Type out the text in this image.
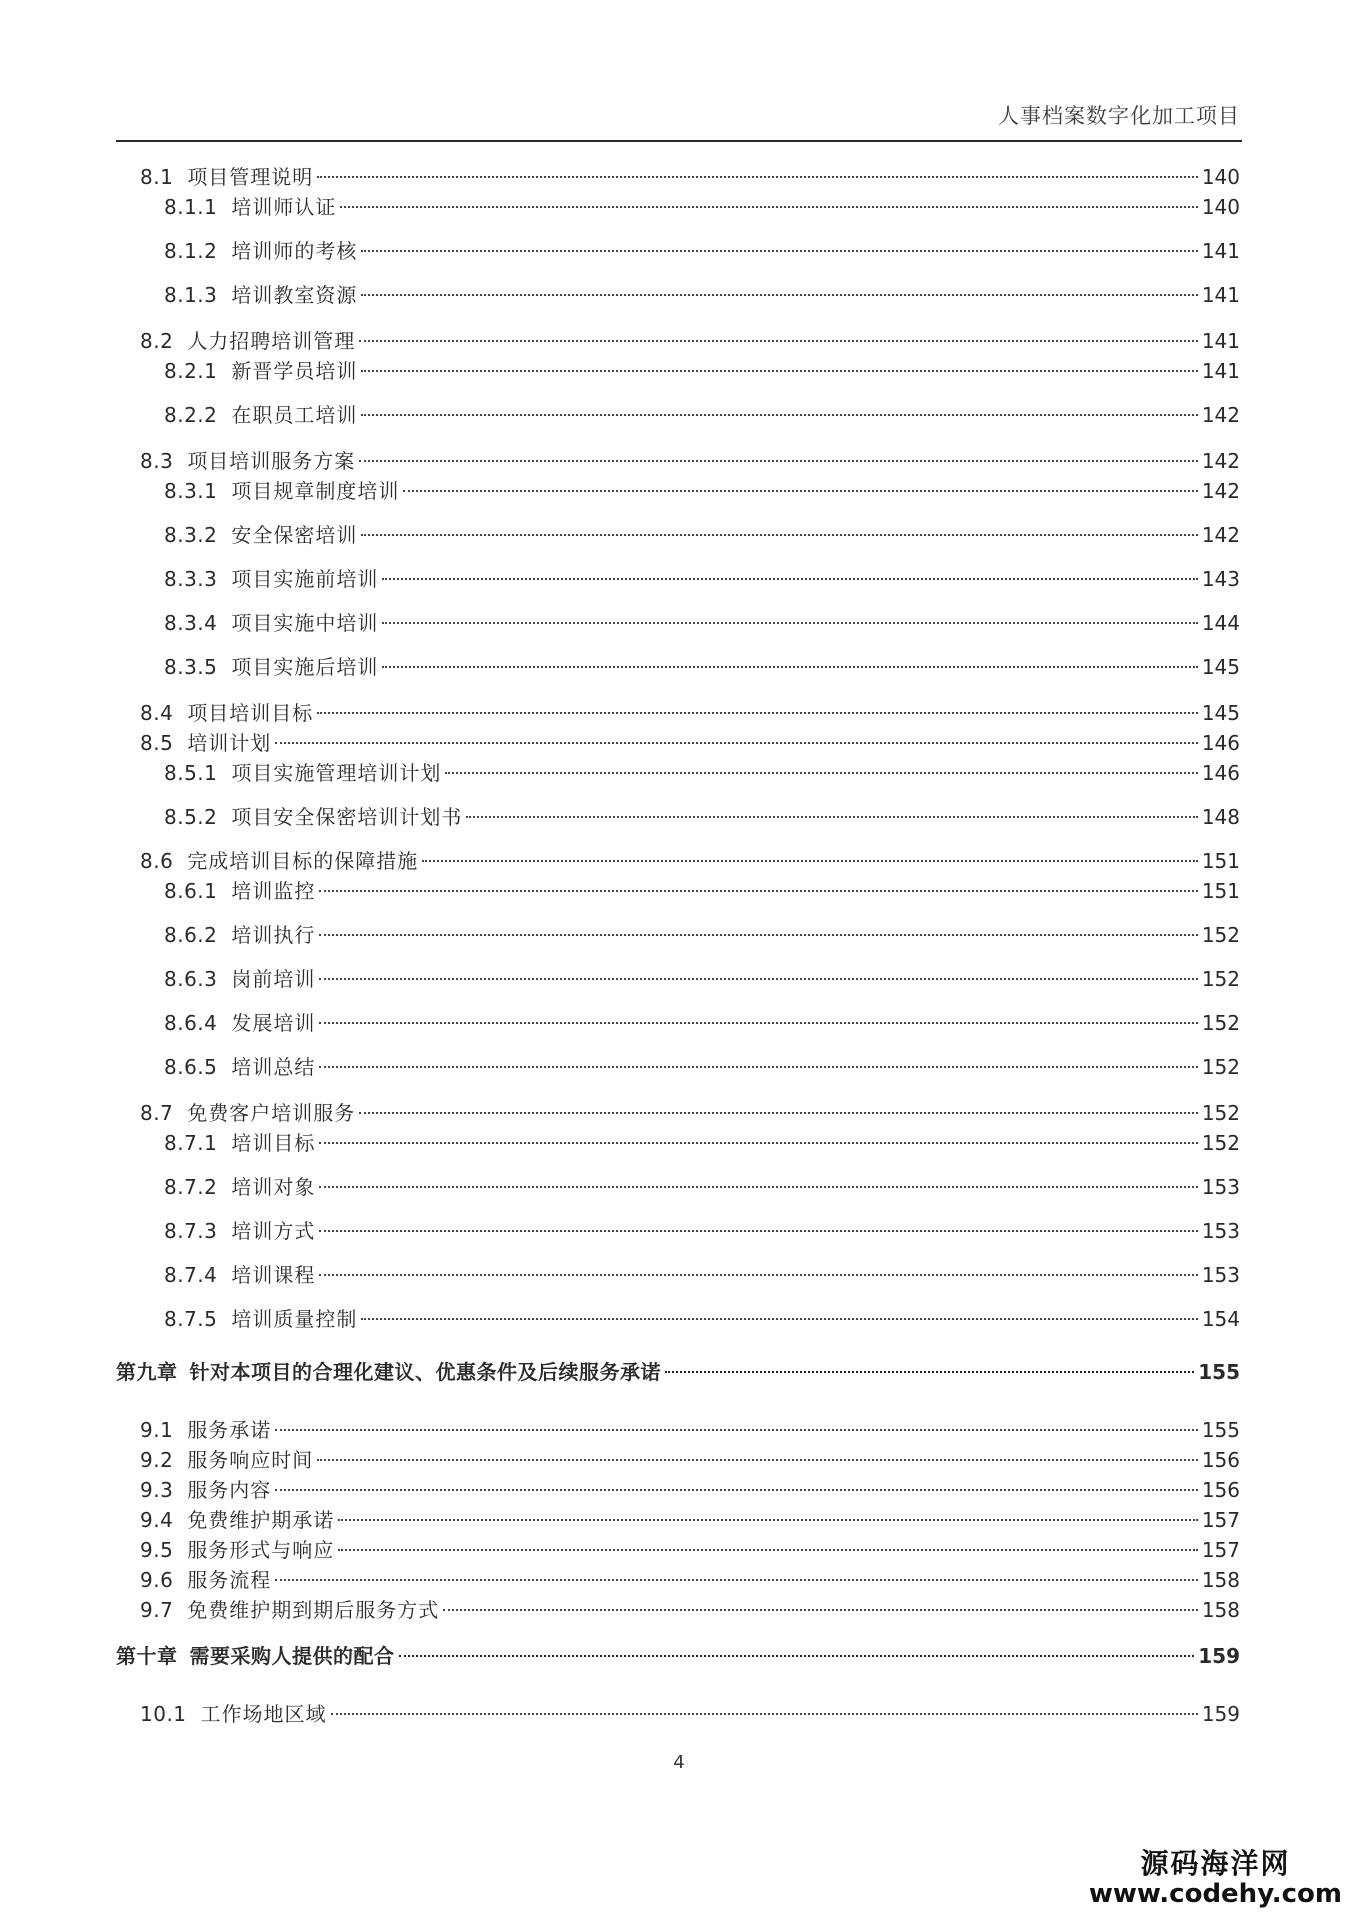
人事档案数字化加工项目
8.1 项目管理说明	140
8.1.1 培训师认证	140
8.1.2 培训师的考核	141
8.1.3 培训教室资源	141
8.2 人力招聘培训管理	141
8.2.1 新晋学员培训	141
8.2.2 在职员工培训	142
8.3 项目培训服务方案	142
8.3.1 项目规章制度培训	142
8.3.2 安全保密培训	142
8.3.3 项目实施前培训	143
8.3.4 项目实施中培训	144
8.3.5 项目实施后培训	145
8.4 项目培训目标	145
8.5 培训计划	146
8.5.1 项目实施管理培训计划	146
8.5.2 项目安全保密培训计划书	148
8.6 完成培训目标的保障措施	151
8.6.1 培训监控	151
8.6.2 培训执行	152
8.6.3 岗前培训	152
8.6.4 发展培训	152
8.6.5 培训总结	152
8.7 免费客户培训服务	152
8.7.1 培训目标	152
8.7.2 培训对象	153
8.7.3 培训方式	153
8.7.4 培训课程	153
8.7.5 培训质量控制	154
第九章 针对本项目的合理化建议、优惠条件及后续服务承诺	155
9.1 服务承诺	155
9.2 服务响应时间	156
9.3 服务内容	156
9.4 免费维护期承诺	157
9.5 服务形式与响应	157
9.6 服务流程	158
9.7 免费维护期到期后服务方式	158
第十章 需要采购人提供的配合	159
10.1 工作场地区域	159
4
源码海洋网
www.codehy.com
